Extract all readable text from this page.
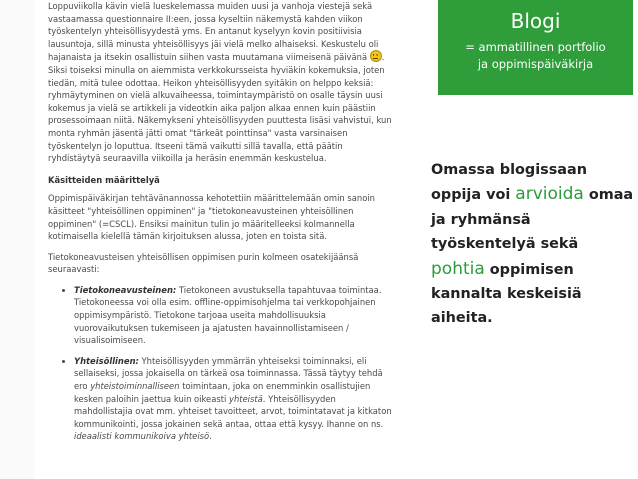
Loppuviikolla kävin vielä lueskelemassa muiden uusi ja vanhoja viestejä sekä vastaamassa questionnaire II:een, jossa kyseltiin näkemystä kahden viikon työskentelyn yhteisöllisyydestä yms. En antanut kyselyyn kovin positiivisia lausuntoja, sillä minusta yhteisöllisyys jäi vielä melko alhaiseksi. Keskustelu oli hajanaista ja itsekin osallistuin siihen vasta muutamana viimeisenä päivänä . Siksi toiseksi minulla on aiemmista verkkokursseista hyviäkin kokemuksia, joten tiedän, mitä tulee odottaa. Heikon yhteisöllisyyden syitäkin on helppo keksiä: ryhmäytyminen on vielä alkuvaiheessa, toimintaympäristö on osalle täysin uusi kokemus ja vielä se artikkeli ja videotkin aika paljon alkaa ennen kuin päästiin prosessoimaan niitä. Näkemykseni yhteisöllisyyden puuttesta lisäsi vahvistui, kun monta ryhmän jäsentä jätti omat "tärkeät pointtinsa" vasta varsinaisen työskentelyn jo loputtua. Itseeni tämä vaikutti sillä tavalla, että päätin ryhdistäytyä seuraavilla viikoilla ja heräsin enemmän keskustelua.

Käsitteiden määrittelyä

Oppimispäiväkirjan tehtävänannossa kehotettiin määrittelemään omin sanoin käsitteet "yhteisöllinen oppiminen" ja "tietokoneavusteinen yhteisöllinen oppiminen" (=CSCL). Ensiksi mainitun tulin jo määritelleeksi kolmannella kotimaisella kielellä tämän kirjoituksen alussa, joten en toista sitä.

Tietokoneavusteisen yhteisöllisen oppimisen purin kolmeen osatekijäänsä seuraavasti:

• Tietokoneavusteinen: Tietokoneen avustuksella tapahtuvaa toimintaa. Tietokoneessa voi olla esim. offline-oppimisohjelma tai verkkopohjainen oppimisympäristö. Tietokone tarjoaa useita mahdollisuuksia vuorovaikutuksen tukemiseen ja ajatusten havainnollistamiseen / visualisoimiseen.
• Yhteisöllinen: Yhteisöllisyyden ymmärrän yhteiseksi toiminnaksi, eli sellaiseksi, jossa jokaisella on tärkeä osa toiminnassa. Tässä täytyy tehdä ero yhteistoiminnalliseen toimintaan, joka on enemminkin osallistujien kesken paloihin jaettua kuin oikeasti yhteistä. Yhteisöllisyyden mahdollistajia ovat mm. yhteiset tavoitteet, arvot, toimintatavat ja kitkaton kommunikointi, jossa jokainen sekä antaa, ottaa että kysyy. Ihanne on ns. ideaalisti kommunikoiva yhteisö.
Blogi
= ammatillinen portfolio
ja oppimispäiväkirja
Omassa blogissaan oppija voi arvioida omaa ja ryhmänsä työskentelyä sekä pohtia oppimisen kannalta keskeisiä aiheita.
